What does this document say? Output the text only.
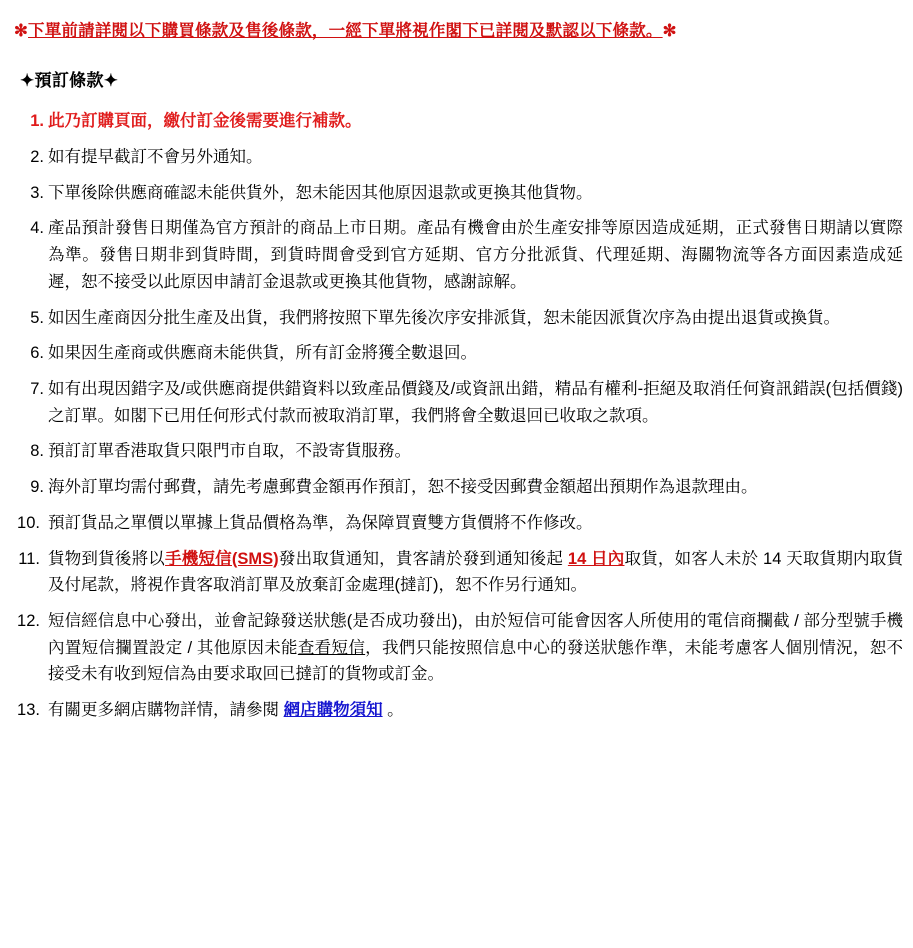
✻下單前請詳閱以下購買條款及售後條款，一經下單將視作閣下已詳閱及默認以下條款。✻
✦預訂條款✦
此乃訂購頁面，繳付訂金後需要進行補款。
如有提早截訂不會另外通知。
下單後除供應商確認未能供貨外，恕未能因其他原因退款或更換其他貨物。
產品預計發售日期僅為官方預計的商品上市日期。產品有機會由於生產安排等原因造成延期，正式發售日期請以實際為準。發售日期非到貨時間，到貨時間會受到官方延期、官方分批派貨、代理延期、海關物流等各方面因素造成延遲，恕不接受以此原因申請訂金退款或更換其他貨物，感謝諒解。
如因生產商因分批生產及出貨，我們將按照下單先後次序安排派貨，恕未能因派貨次序為由提出退貨或換貨。
如果因生產商或供應商未能供貨，所有訂金將獲全數退回。
如有出現因錯字及/或供應商提供錯資料以致產品價錢及/或資訊出錯，精品有權利-拒絕及取消任何資訊錯誤(包括價錢) 之訂單。如閣下已用任何形式付款而被取消訂單，我們將會全數退回已收取之款項。
預訂訂單香港取貨只限門市自取，不設寄貨服務。
海外訂單均需付郵費，請先考慮郵費金額再作預訂，恕不接受因郵費金額超出預期作為退款理由。
預訂貨品之單價以單據上貨品價格為準，為保障買賣雙方貨價將不作修改。
貨物到貨後將以手機短信(SMS)發出取貨通知，貴客請於發到通知後起 14 日內取貨，如客人未於 14 天取貨期内取貨及付尾款，將視作貴客取消訂單及放棄訂金處理(撻訂)，恕不作另行通知。
短信經信息中心發出，並會記錄發送狀態(是否成功發出)，由於短信可能會因客人所使用的電信商攔截 / 部分型號手機內置短信攔置設定 / 其他原因未能查看短信，我們只能按照信息中心的發送狀態作準，未能考慮客人個別情況，恕不接受未有收到短信為由要求取回已撻訂的貨物或訂金。
有關更多網店購物詳情，請參閱 網店購物須知 。
